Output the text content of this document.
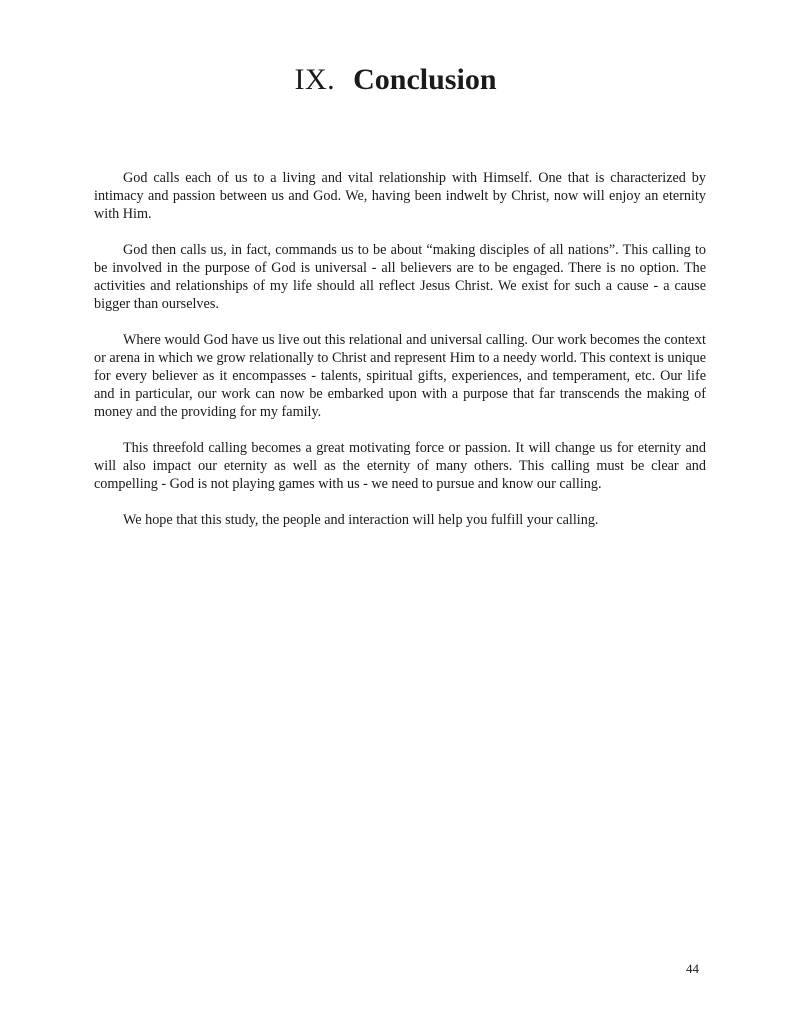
IX. Conclusion

God calls each of us to a living and vital relationship with Himself. One that is characterized by intimacy and passion between us and God. We, having been indwelt by Christ, now will enjoy an eternity with Him.

God then calls us, in fact, commands us to be about “making disciples of all nations”. This calling to be involved in the purpose of God is universal - all believers are to be engaged. There is no option. The activities and relationships of my life should all reflect Jesus Christ. We exist for such a cause - a cause bigger than ourselves.

Where would God have us live out this relational and universal calling. Our work becomes the context or arena in which we grow relationally to Christ and represent Him to a needy world. This context is unique for every believer as it encompasses - talents, spiritual gifts, experiences, and temperament, etc. Our life and in particular, our work can now be embarked upon with a purpose that far transcends the making of money and the providing for my family.

This threefold calling becomes a great motivating force or passion. It will change us for eternity and will also impact our eternity as well as the eternity of many others. This calling must be clear and compelling - God is not playing games with us - we need to pursue and know our calling.

We hope that this study, the people and interaction will help you fulfill your calling.

44
